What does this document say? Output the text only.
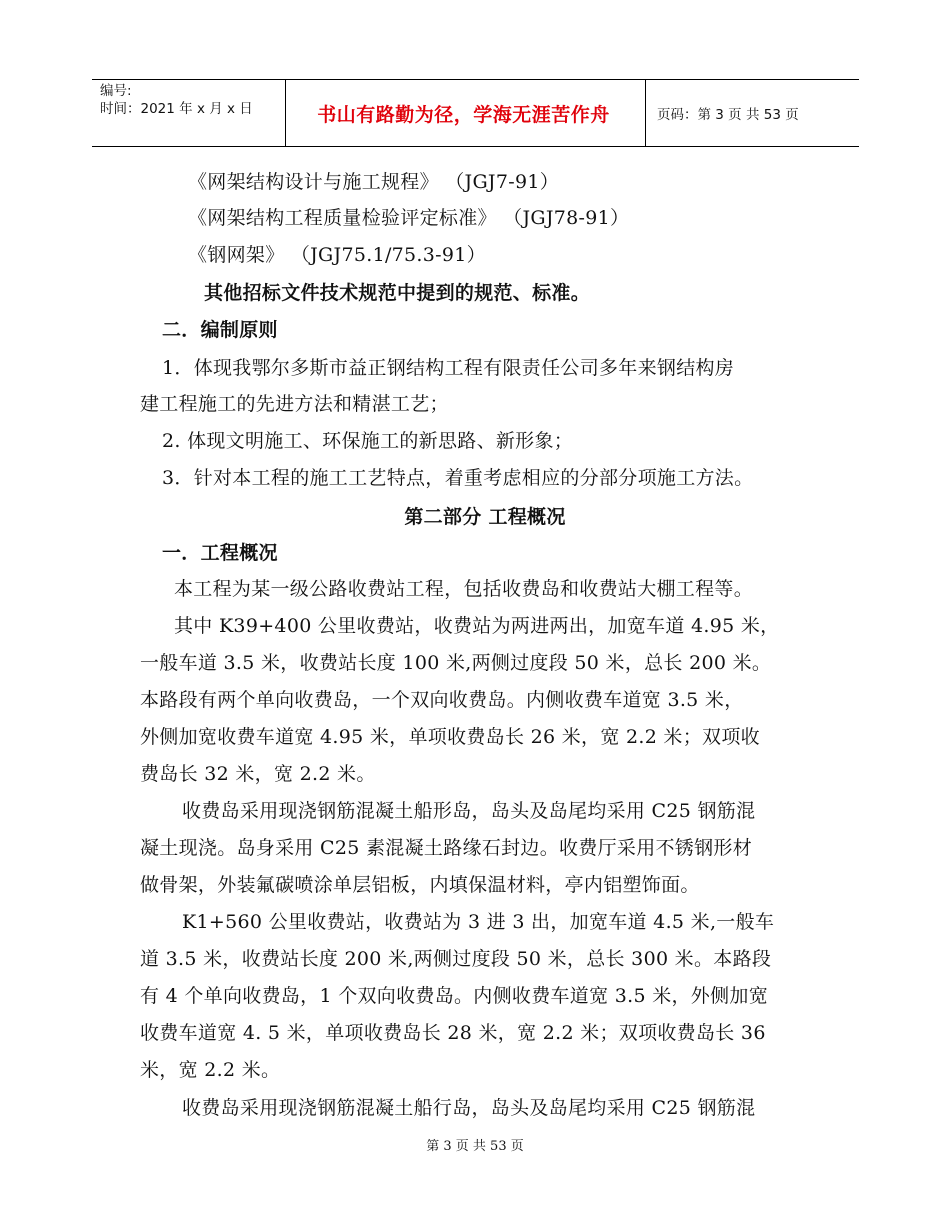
编号:
时间：2021 年 x 月 x 日	书山有路勤为径，学海无涯苦作舟	页码：第 3 页 共 53 页
《网架结构设计与施工规程》 （JGJ7-91）
《网架结构工程质量检验评定标准》 （JGJ78-91）
《钢网架》 （JGJ75.1/75.3-91）
其他招标文件技术规范中提到的规范、标准。
二．编制原则
1．体现我鄂尔多斯市益正钢结构工程有限责任公司多年来钢结构房
建工程施工的先进方法和精湛工艺；
2. 体现文明施工、环保施工的新思路、新形象；
3．针对本工程的施工工艺特点，着重考虑相应的分部分项施工方法。
第二部分 工程概况
一．工程概况
本工程为某一级公路收费站工程，包括收费岛和收费站大棚工程等。
其中 K39+400 公里收费站，收费站为两进两出，加宽车道 4.95 米，
一般车道 3.5 米，收费站长度 100 米,两侧过度段 50 米，总长 200 米。
本路段有两个单向收费岛，一个双向收费岛。内侧收费车道宽 3.5 米，
外侧加宽收费车道宽 4.95 米，单项收费岛长 26 米，宽 2.2 米；双项收
费岛长 32 米，宽 2.2 米。
收费岛采用现浇钢筋混凝土船形岛，岛头及岛尾均采用 C25 钢筋混
凝土现浇。岛身采用 C25 素混凝土路缘石封边。收费厅采用不锈钢形材
做骨架，外装氟碳喷涂单层铝板，内填保温材料，亭内铝塑饰面。
K1+560 公里收费站，收费站为 3 进 3 出，加宽车道 4.5 米,一般车
道 3.5 米，收费站长度 200 米,两侧过度段 50 米，总长 300 米。本路段
有 4 个单向收费岛，1 个双向收费岛。内侧收费车道宽 3.5 米，外侧加宽
收费车道宽 4. 5 米，单项收费岛长 28 米，宽 2.2 米；双项收费岛长 36
米，宽 2.2 米。
收费岛采用现浇钢筋混凝土船行岛，岛头及岛尾均采用 C25 钢筋混
第 3 页 共 53 页
